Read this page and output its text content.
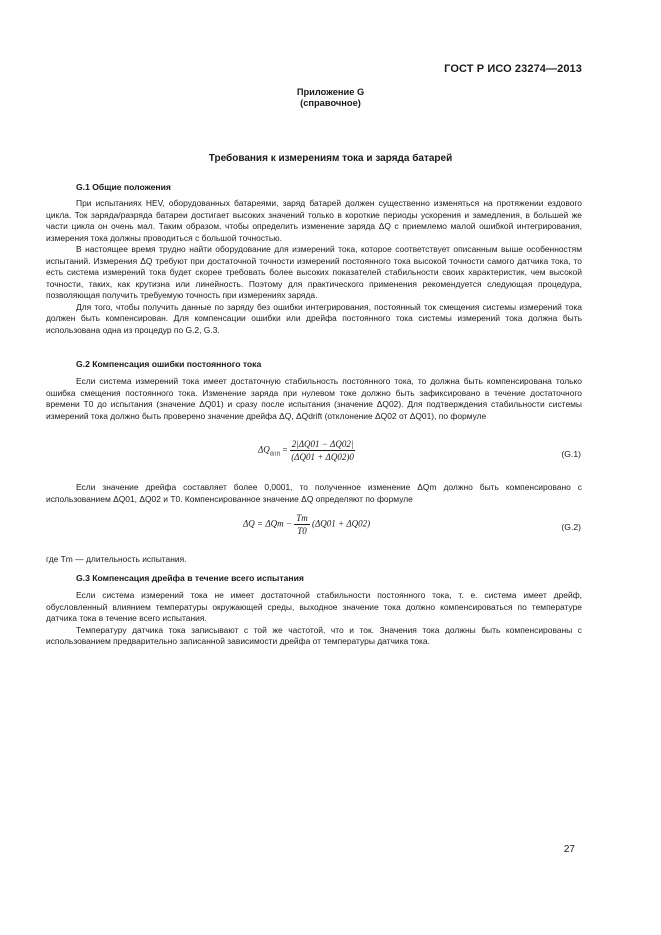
ГОСТ Р ИСО 23274—2013
Приложение G
(справочное)
Требования к измерениям тока и заряда батарей
G.1 Общие положения

При испытаниях HEV, оборудованных батареями, заряд батарей должен существенно изменяться на протяжении ездового цикла. Ток заряда/разряда батареи достигает высоких значений только в короткие периоды ускорения и замедления, в большей же части цикла он очень мал. Таким образом, чтобы определить изменение заряда ΔQ с приемлемо малой ошибкой интегрирования, измерения тока должны проводиться с большой точностью.

В настоящее время трудно найти оборудование для измерений тока, которое соответствует описанным выше особенностям испытаний. Измерения ΔQ требуют при достаточной точности измерений постоянного тока высокой точности самого датчика тока, то есть система измерений тока будет скорее требовать более высоких показателей стабильности своих характеристик, чем высокой точности, таких, как крутизна или линейность. Поэтому для практического применения рекомендуется следующая процедура, позволяющая получить требуемую точность при измерениях заряда.

Для того, чтобы получить данные по заряду без ошибки интегрирования, постоянный ток смещения системы измерений тока должен быть компенсирован. Для компенсации ошибки или дрейфа постоянного тока системы измерений тока должна быть использована одна из процедур по G.2, G.3.

G.2 Компенсация ошибки постоянного тока

Если система измерений тока имеет достаточную стабильность постоянного тока, то должна быть компенсирована только ошибка смещения постоянного тока. Изменение заряда при нулевом токе должно быть зафиксировано в течение достаточного времени T0 до испытания (значение ΔQ01) и сразу после испытания (значение ΔQ02). Для подтверждения стабильности системы измерений тока должно быть проверено значение дрейфа ΔQ, ΔQdrift (отклонение ΔQ02 от ΔQ01), по формуле

$\Delta Q_{drift} = \frac{2|\Delta Q01 - \Delta Q02|}{(\Delta Q01 + \Delta Q02)0}$	(G.1)

Если значение дрейфа составляет более 0,0001, то полученное изменение ΔQm должно быть компенсировано с использованием ΔQ01, ΔQ02 и T0. Компенсированное значение ΔQ определяют по формуле

$\Delta Q = \Delta Qm - \frac{Tm}{T0} (\Delta Q01 + \Delta Q02)$	(G.2)
где Tm — длительность испытания.
G.3 Компенсация дрейфа в течение всего испытания

Если система измерений тока не имеет достаточной стабильности постоянного тока, т. е. система имеет дрейф, обусловленный влиянием температуры окружающей среды, выходное значение тока должно компенсироваться по температуре датчика тока в течение всего испытания.

Температуру датчика тока записывают с той же частотой, что и ток. Значения тока должны быть компенсированы с использованием предварительно записанной зависимости дрейфа от температуры датчика тока.

27
